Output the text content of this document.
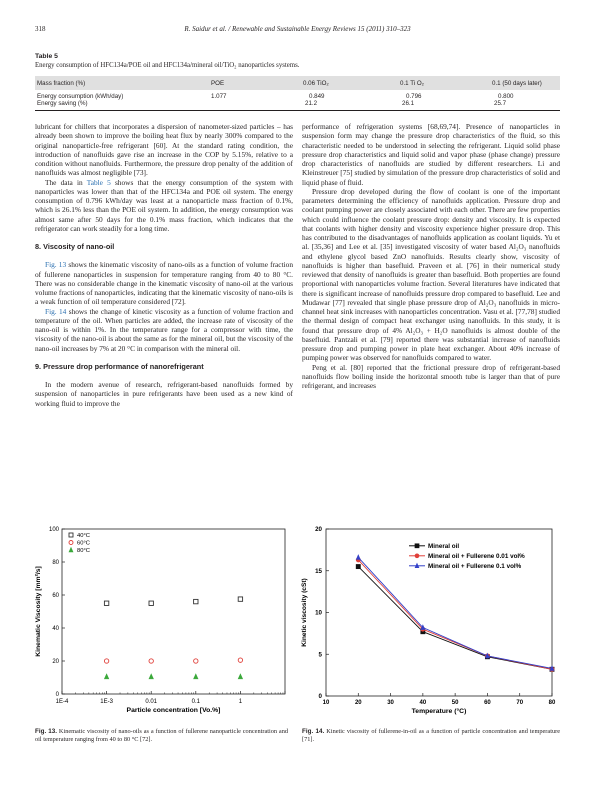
318	R. Saidur et al. / Renewable and Sustainable Energy Reviews 15 (2011) 310–323
Table 5
Energy consumption of HFC134a/POE oil and HFC134a/mineral oil/TiO₂ nanoparticles systems.
Mass fraction (%)	POE	0.06 TiO₂	0.1 Ti O₂	0.1 (50 days later)
Energy consumption (kWh/day)	1.077	0.849	0.796	0.800
Energy saving (%)		21.2	26.1	25.7

lubricant for chillers that incorporates a dispersion of nanometer-sized particles – has already been shown to improve the boiling heat flux by nearly 300% compared to the original nanoparticle-free refrigerant [60]. At the standard rating condition, the introduction of nanofluids gave rise an increase in the COP by 5.15%, relative to a condition without nanofluids. Furthermore, the pressure drop penalty of the addition of nanofluids was almost negligible [73].

The data in Table 5 shows that the energy consumption of the system with nanoparticles was lower than that of the HFC134a and POE oil system. The energy consumption of 0.796 kWh/day was least at a nanoparticle mass fraction of 0.1%, which is 26.1% less than the POE oil system. In addition, the energy consumption was almost same after 50 days for the 0.1% mass fraction, which indicates that the refrigerator can work steadily for a long time.

8. Viscosity of nano-oil

Fig. 13 shows the kinematic viscosity of nano-oils as a function of volume fraction of fullerene nanoparticles in suspension for temperature ranging from 40 to 80 °C. There was no considerable change in the kinematic viscosity of nano-oil at the various volume fractions of nanoparticles, indicating that the kinematic viscosity of nano-oils is a weak function of oil temperature considered [72].

Fig. 14 shows the change of kinetic viscosity as a function of volume fraction and temperature of the oil. When particles are added, the increase rate of viscosity of the nano-oil is within 1%. In the temperature range for a compressor with time, the viscosity of the nano-oil is about the same as for the mineral oil, but the viscosity of the nano-oil increases by 7% at 20 °C in comparison with the mineral oil.

9. Pressure drop performance of nanorefrigerant

In the modern avenue of research, refrigerant-based nanofluids formed by suspension of nanoparticles in pure refrigerants have been used as a new kind of working fluid to improve the

performance of refrigeration systems [68,69,74]. Presence of nanoparticles in suspension form may change the pressure drop characteristics of the fluid, so this characteristic needed to be understood in selecting the refrigerant. Liquid solid phase pressure drop characteristics and liquid solid and vapor phase (phase change) pressure drop characteristics of nanofluids are studied by different researchers. Li and Kleinstreuer [75] studied by simulation of the pressure drop characteristics of solid and liquid phase of fluid.

Pressure drop developed during the flow of coolant is one of the important parameters determining the efficiency of nanofluids application. Pressure drop and coolant pumping power are closely associated with each other. There are few properties which could influence the coolant pressure drop: density and viscosity. It is expected that coolants with higher density and viscosity experience higher pressure drop. This has contributed to the disadvantages of nanofluids application as coolant liquids. Yu et al. [35,36] and Lee et al. [35] investigated viscosity of water based Al₂O₃ nanofluids and ethylene glycol based ZnO nanofluids. Results clearly show, viscosity of nanofluids is higher than basefluid. Praveen et al. [76] in their numerical study reviewed that density of nanofluids is greater than basefluid. Both properties are found proportional with nanoparticles volume fraction. Several literatures have indicated that there is significant increase of nanofluids pressure drop compared to basefluid. Lee and Mudawar [77] revealed that single phase pressure drop of Al₂O₃ nanofluids in micro-channel heat sink increases with nanoparticles concentration. Vasu et al. [77,78] studied the thermal design of compact heat exchanger using nanofluids. In this study, it is found that pressure drop of 4% Al₂O₃ + H₂O nanofluids is almost double of the basefluid. Pantzali et al. [79] reported there was substantial increase of nanofluids pressure drop and pumping power in plate heat exchanger. About 40% increase of pumping power was observed for nanofluids compared to water.

Peng et al. [80] reported that the frictional pressure drop of refrigerant-based nanofluids flow boiling inside the horizontal smooth tube is larger than that of pure refrigerant, and increases

0
20
40
60
80
100
1E-4	1E-3	0.01	0.1	1
Particle concentration [Vo.%]
Kinematic Viscosity [mm²/s]
40°C
60°C
80°C
Fig. 13. Kinematic viscosity of nano-oils as a function of fullerene nanoparticle concentration and oil temperature ranging from 40 to 80 °C [72].
0
5
10
15
20
10	20	30	40	50	60	70	80
Temperature (°C)
Kinetic viscosity (cSt)
Mineral oil
Mineral oil + Fullerene 0.01 vol%
Mineral oil + Fullerene 0.1 vol%
Fig. 14. Kinetic viscosity of fullerene-in-oil as a function of particle concentration and temperature [71].
